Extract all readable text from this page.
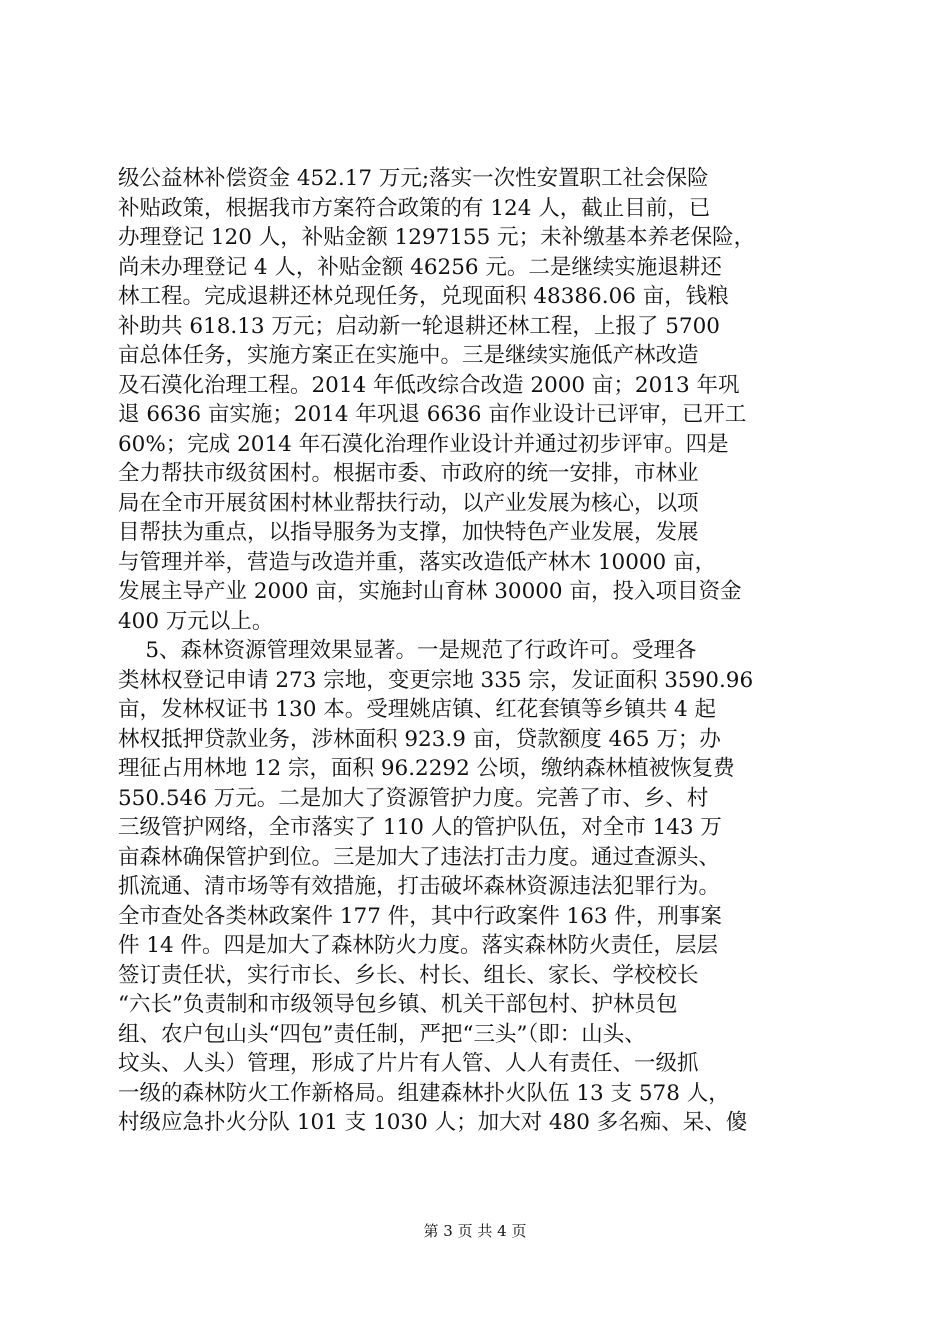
级公益林补偿资金 452.17 万元;落实一次性安置职工社会保险
补贴政策，根据我市方案符合政策的有 124 人，截止目前，已
办理登记 120 人，补贴金额 1297155 元；未补缴基本养老保险，
尚未办理登记 4 人，补贴金额 46256 元。二是继续实施退耕还
林工程。完成退耕还林兑现任务，兑现面积 48386.06 亩，钱粮
补助共 618.13 万元；启动新一轮退耕还林工程，上报了 5700
亩总体任务，实施方案正在实施中。三是继续实施低产林改造
及石漠化治理工程。2014 年低改综合改造 2000 亩；2013 年巩
退 6636 亩实施；2014 年巩退 6636 亩作业设计已评审，已开工
60%；完成 2014 年石漠化治理作业设计并通过初步评审。四是
全力帮扶市级贫困村。根据市委、市政府的统一安排，市林业
局在全市开展贫困村林业帮扶行动，以产业发展为核心，以项
目帮扶为重点，以指导服务为支撑，加快特色产业发展，发展
与管理并举，营造与改造并重，落实改造低产林木 10000 亩，
发展主导产业 2000 亩，实施封山育林 30000 亩，投入项目资金
400 万元以上。
5、森林资源管理效果显著。一是规范了行政许可。受理各
类林权登记申请 273 宗地，变更宗地 335 宗，发证面积 3590.96
亩，发林权证书 130 本。受理姚店镇、红花套镇等乡镇共 4 起
林权抵押贷款业务，涉林面积 923.9 亩，贷款额度 465 万；办
理征占用林地 12 宗，面积 96.2292 公顷，缴纳森林植被恢复费
550.546 万元。二是加大了资源管护力度。完善了市、乡、村
三级管护网络，全市落实了 110 人的管护队伍，对全市 143 万
亩森林确保管护到位。三是加大了违法打击力度。通过查源头、
抓流通、清市场等有效措施，打击破坏森林资源违法犯罪行为。
全市查处各类林政案件 177 件，其中行政案件 163 件，刑事案
件 14 件。四是加大了森林防火力度。落实森林防火责任，层层
签订责任状，实行市长、乡长、村长、组长、家长、学校校长
“六长”负责制和市级领导包乡镇、机关干部包村、护林员包
组、农户包山头“四包”责任制，严把“三头”（即：山头、
坟头、人头）管理，形成了片片有人管、人人有责任、一级抓
一级的森林防火工作新格局。组建森林扑火队伍 13 支 578 人，
村级应急扑火分队 101 支 1030 人；加大对 480 多名痴、呆、傻
第 3 页 共 4 页
